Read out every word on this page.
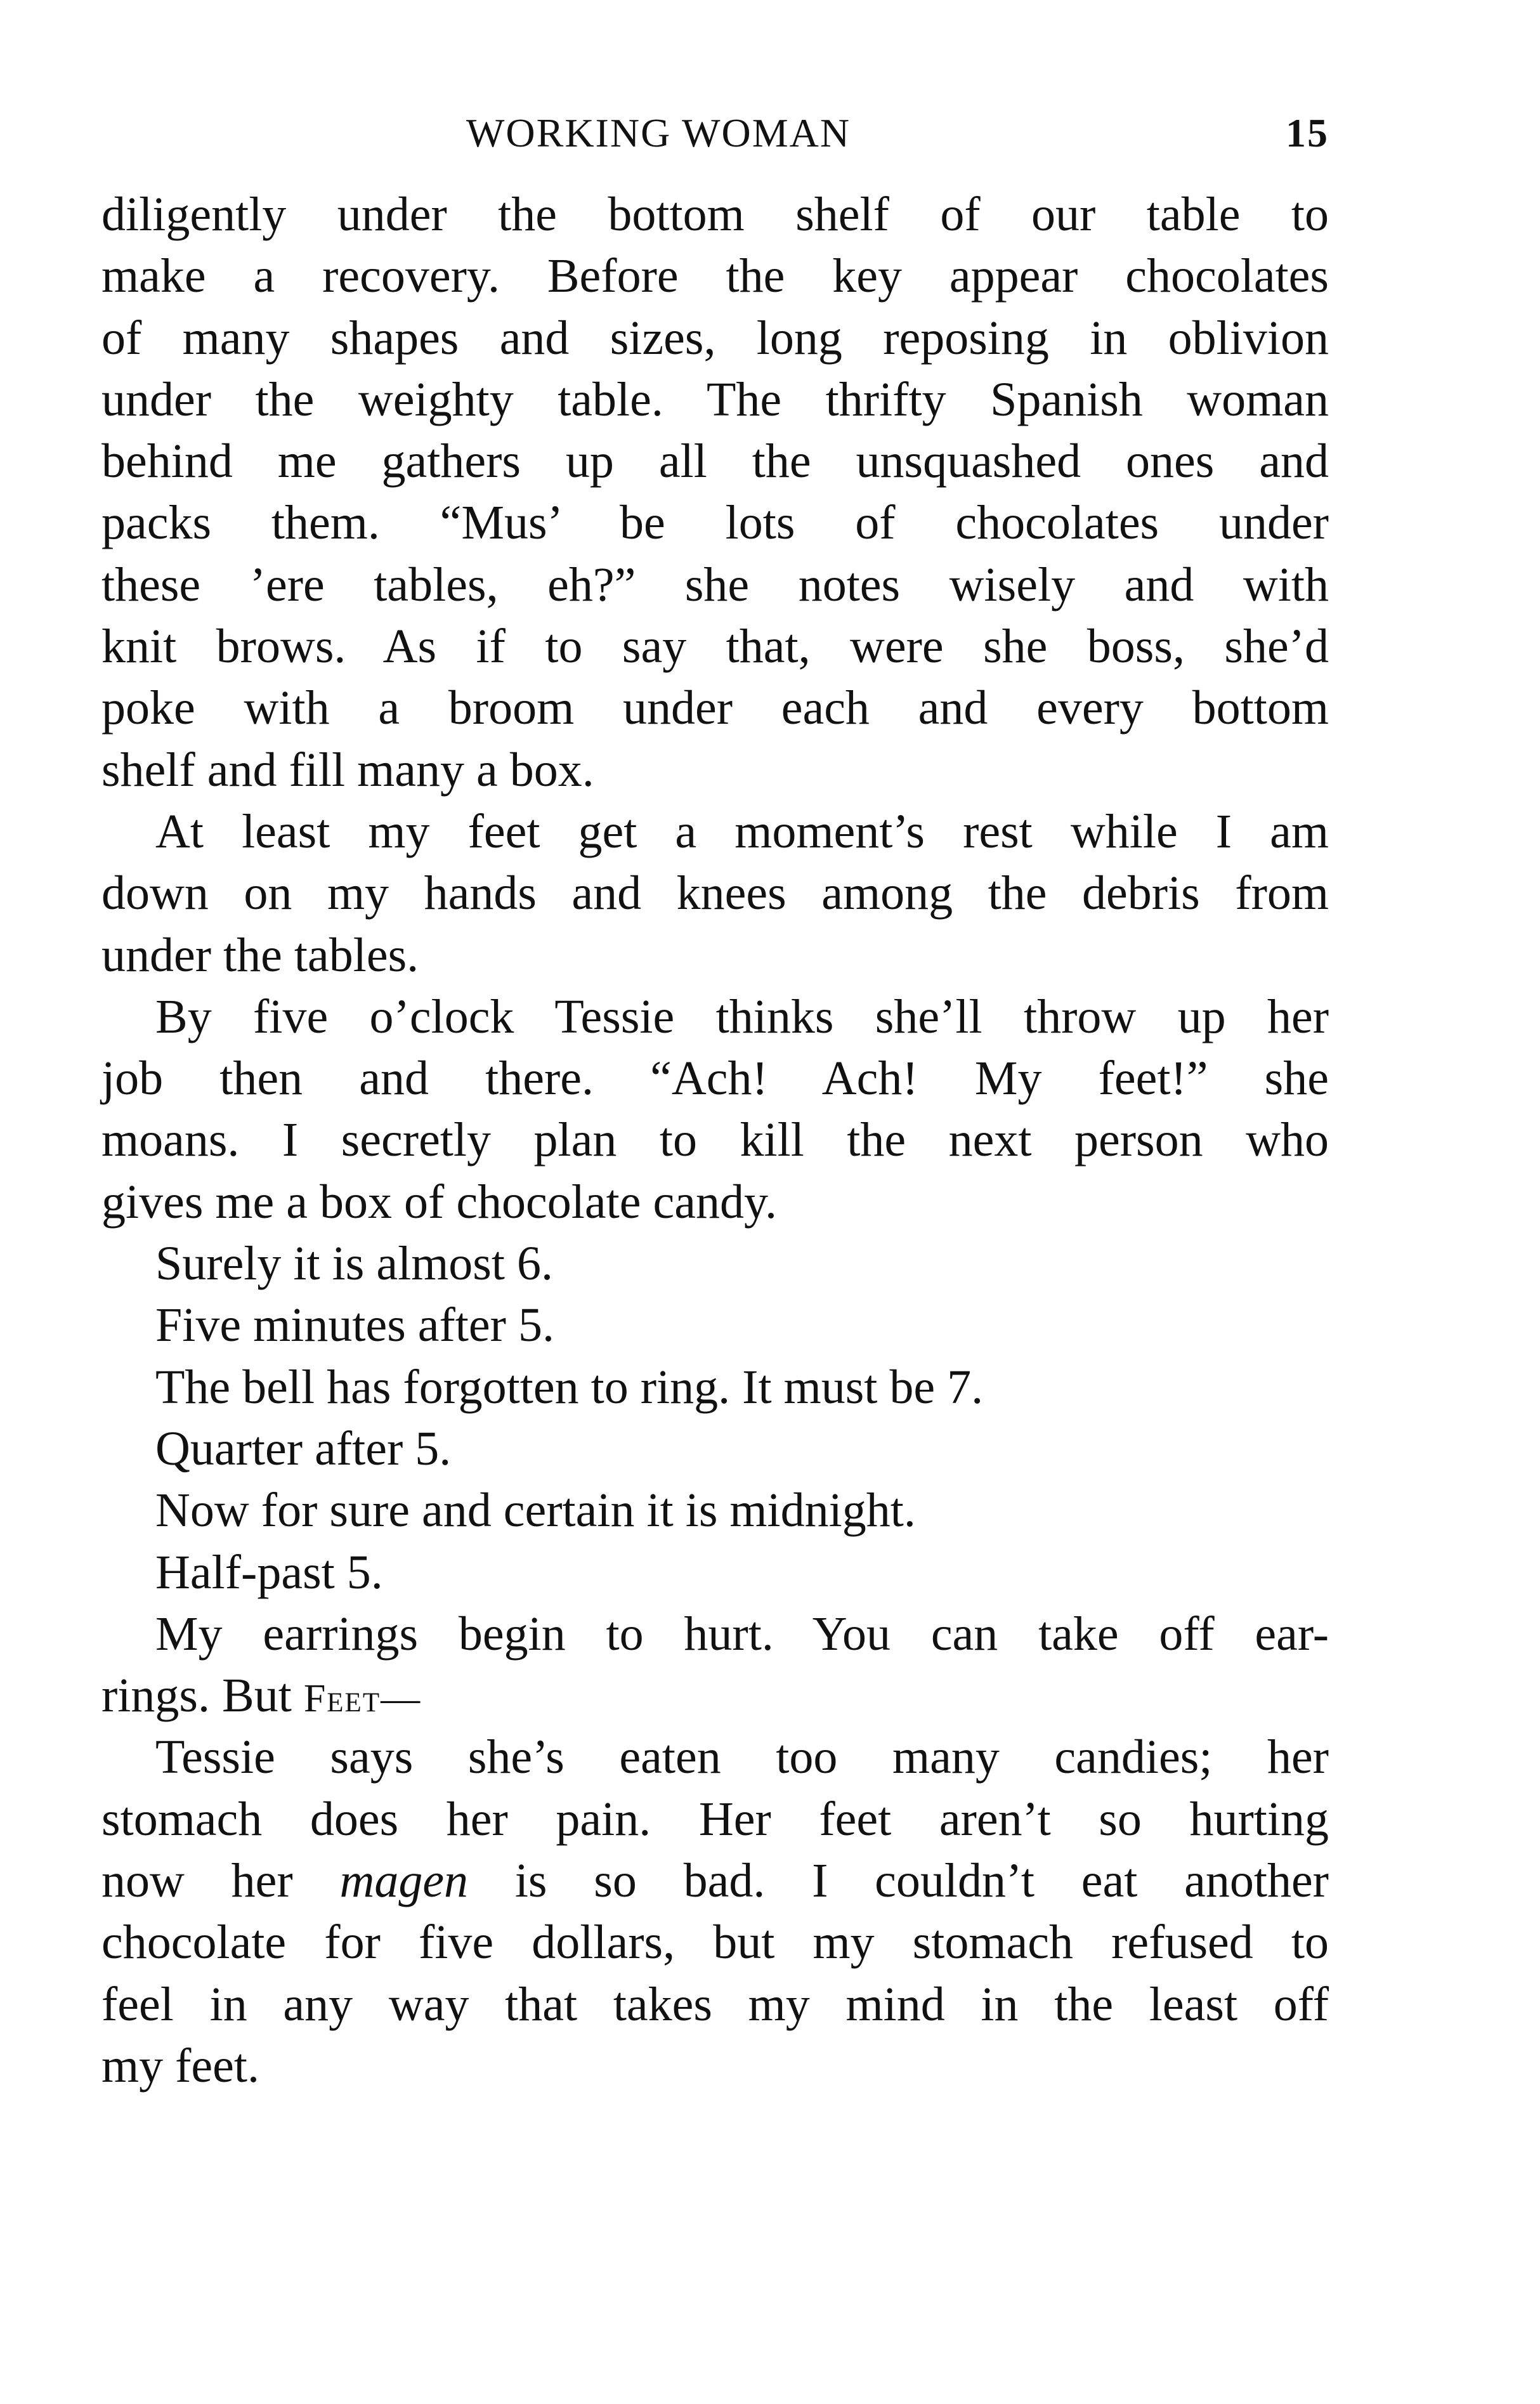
WORKING WOMAN	15
diligently under the bottom shelf of our table to
make a recovery. Before the key appear chocolates
of many shapes and sizes, long reposing in oblivion
under the weighty table. The thrifty Spanish woman
behind me gathers up all the unsquashed ones and
packs them. “Mus’ be lots of chocolates under
these ’ere tables, eh?” she notes wisely and with
knit brows. As if to say that, were she boss, she’d
poke with a broom under each and every bottom
shelf and fill many a box.
At least my feet get a moment’s rest while I am
down on my hands and knees among the debris from
under the tables.
By five o’clock Tessie thinks she’ll throw up her
job then and there. “Ach! Ach! My feet!” she
moans. I secretly plan to kill the next person who
gives me a box of chocolate candy.
Surely it is almost 6.
Five minutes after 5.
The bell has forgotten to ring. It must be 7.
Quarter after 5.
Now for sure and certain it is midnight.
Half-past 5.
My earrings begin to hurt. You can take off ear-
rings. But Feet—
Tessie says she’s eaten too many candies; her
stomach does her pain. Her feet aren’t so hurting
now her magen is so bad. I couldn’t eat another
chocolate for five dollars, but my stomach refused to
feel in any way that takes my mind in the least off
my feet.
